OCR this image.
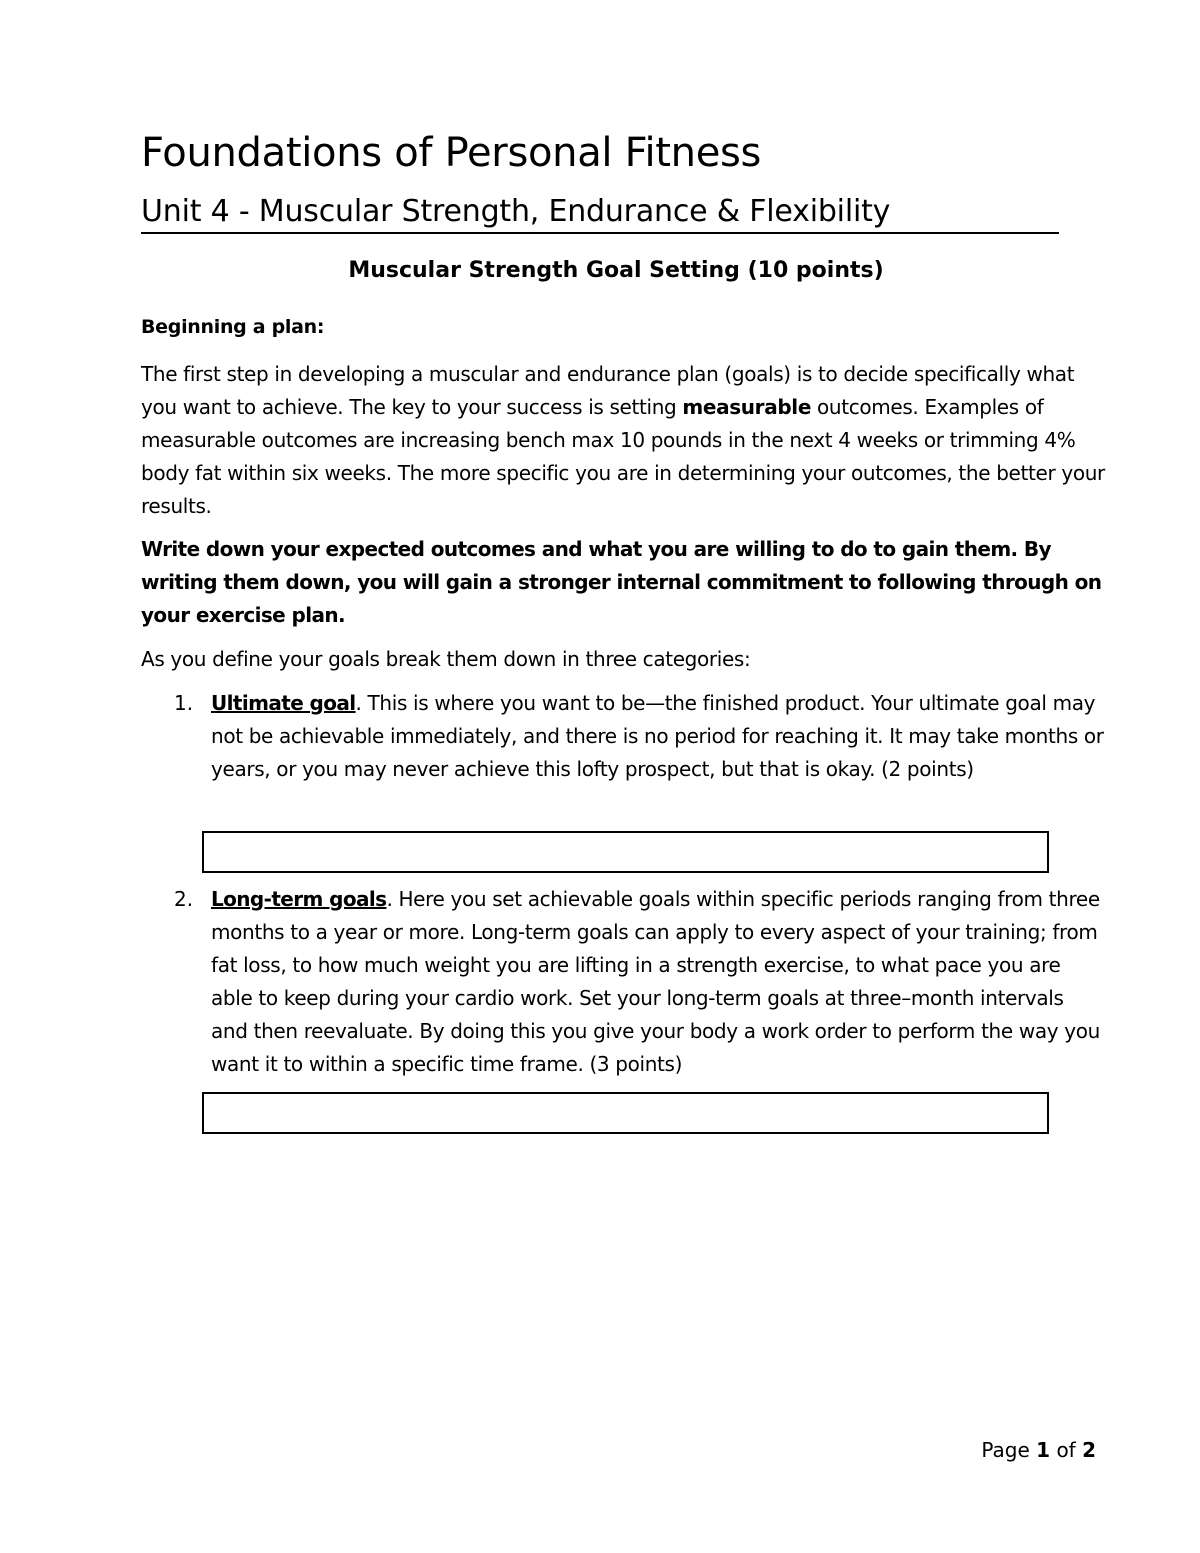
Foundations of Personal Fitness
Unit 4 - Muscular Strength, Endurance & Flexibility
Muscular Strength Goal Setting (10 points)
Beginning a plan:

The first step in developing a muscular and endurance plan (goals) is to decide specifically what you want to achieve. The key to your success is setting measurable outcomes. Examples of measurable outcomes are increasing bench max 10 pounds in the next 4 weeks or trimming 4% body fat within six weeks. The more specific you are in determining your outcomes, the better your results.

Write down your expected outcomes and what you are willing to do to gain them. By writing them down, you will gain a stronger internal commitment to following through on your exercise plan.

As you define your goals break them down in three categories:

1. Ultimate goal. This is where you want to be—the finished product. Your ultimate goal may not be achievable immediately, and there is no period for reaching it. It may take months or years, or you may never achieve this lofty prospect, but that is okay. (2 points)

2. Long-term goals. Here you set achievable goals within specific periods ranging from three months to a year or more. Long-term goals can apply to every aspect of your training; from fat loss, to how much weight you are lifting in a strength exercise, to what pace you are able to keep during your cardio work. Set your long-term goals at three–month intervals and then reevaluate. By doing this you give your body a work order to perform the way you want it to within a specific time frame. (3 points)

Page 1 of 2
